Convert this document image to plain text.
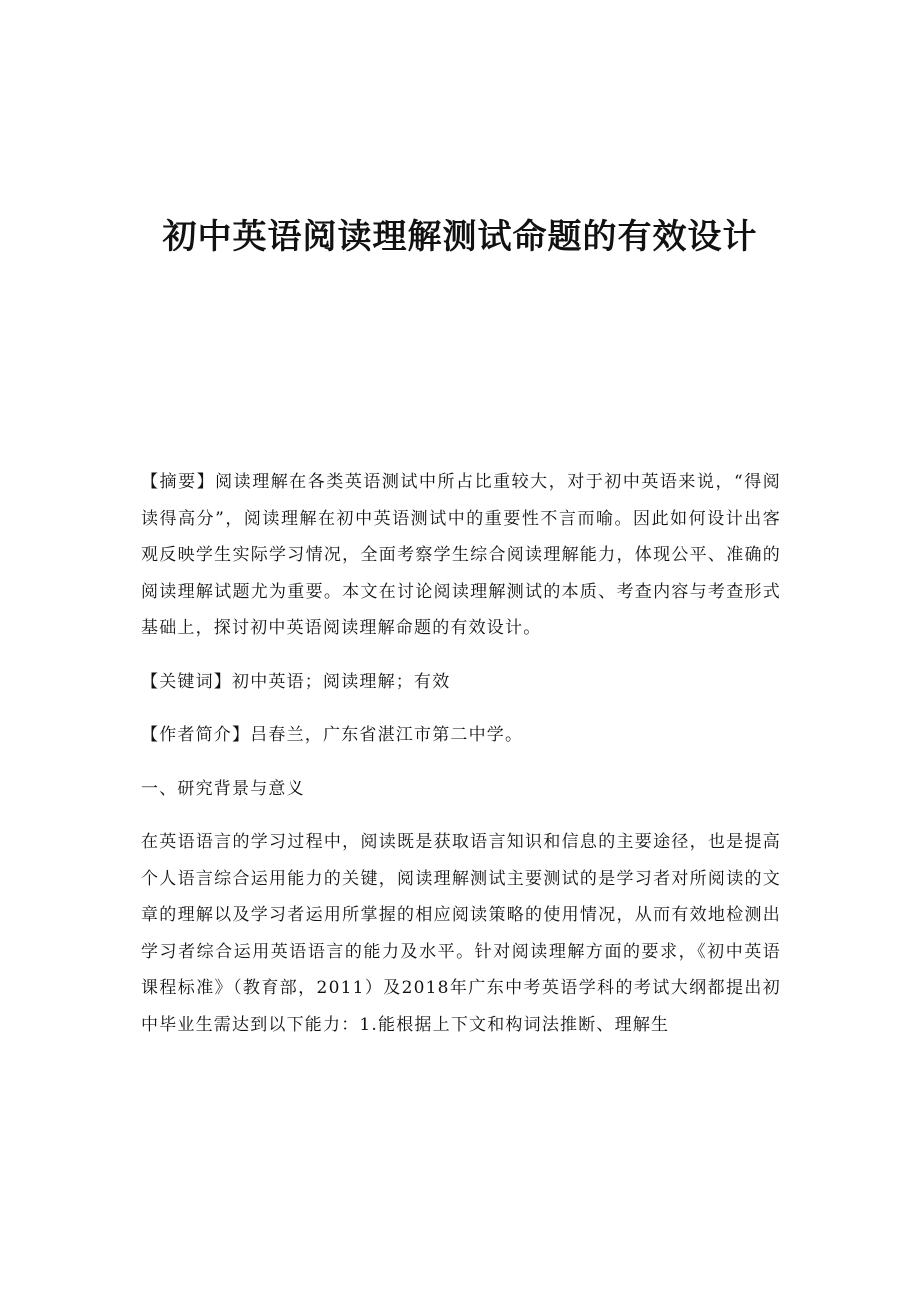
初中英语阅读理解测试命题的有效设计

【摘要】阅读理解在各类英语测试中所占比重较大，对于初中英语来说，“得阅读得高分”，阅读理解在初中英语测试中的重要性不言而喻。因此如何设计出客观反映学生实际学习情况，全面考察学生综合阅读理解能力，体现公平、准确的阅读理解试题尤为重要。本文在讨论阅读理解测试的本质、考查内容与考查形式基础上，探讨初中英语阅读理解命题的有效设计。

【关键词】初中英语；阅读理解；有效

【作者简介】吕春兰，广东省湛江市第二中学。

一、研究背景与意义

在英语语言的学习过程中，阅读既是获取语言知识和信息的主要途径，也是提高个人语言综合运用能力的关键，阅读理解测试主要测试的是学习者对所阅读的文章的理解以及学习者运用所掌握的相应阅读策略的使用情况，从而有效地检测出学习者综合运用英语语言的能力及水平。针对阅读理解方面的要求，《初中英语课程标准》（教育部，2011）及2018年广东中考英语学科的考试大纲都提出初中毕业生需达到以下能力：1.能根据上下文和构词法推断、理解生
